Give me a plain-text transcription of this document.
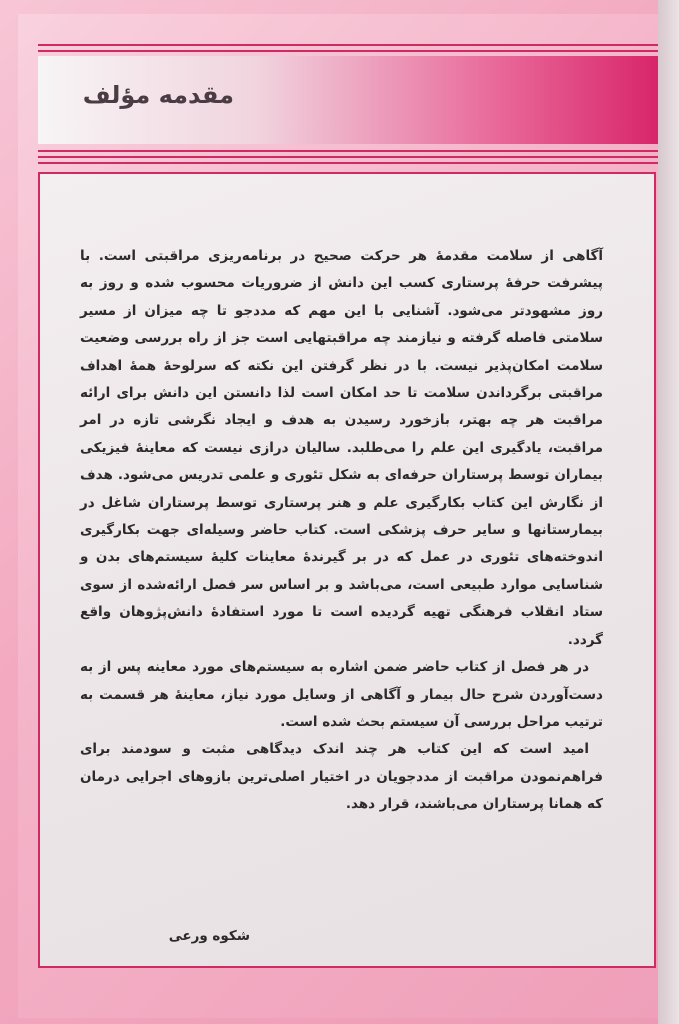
مقدمه مؤلف

آگاهی از سلامت مقدمهٔ هر حرکت صحیح در برنامه‌ریزی مراقبتی است. با پیشرفت حرفهٔ پرستاری کسب این دانش از ضروریات محسوب شده و روز به روز مشهودتر می‌شود. آشنایی با این مهم که مددجو تا چه میزان از مسیر سلامتی فاصله گرفته و نیازمند چه مراقبتهایی است جز از راه بررسی وضعیت سلامت امکان‌پذیر نیست. با در نظر گرفتن این نکته که سرلوحهٔ همهٔ اهداف مراقبتی برگرداندن سلامت تا حد امکان است لذا دانستن این دانش برای ارائه مراقبت هر چه بهتر، بازخورد رسیدن به هدف و ایجاد نگرشی تازه در امر مراقبت، یادگیری این علم را می‌طلبد. سالیان درازی نیست که معاینهٔ فیزیکی بیماران توسط پرستاران حرفه‌ای به شکل تئوری و علمی تدریس می‌شود. هدف از نگارش این کتاب بکارگیری علم و هنر پرستاری توسط پرستاران شاغل در بیمارستانها و سایر حرف پزشکی است. کتاب حاضر وسیله‌ای جهت بکارگیری اندوخته‌های تئوری در عمل که در بر گیرندهٔ معاینات کلیهٔ سیستم‌های بدن و شناسایی موارد طبیعی است، می‌باشد و بر اساس سر فصل ارائه‌شده از سوی ستاد انقلاب فرهنگی تهیه گردیده است تا مورد استفادهٔ دانش‌پژوهان واقع گردد.

در هر فصل از کتاب حاضر ضمن اشاره به سیستم‌های مورد معاینه پس از به دست‌آوردن شرح حال بیمار و آگاهی از وسایل مورد نیاز، معاینهٔ هر قسمت به ترتیب مراحل بررسی آن سیستم بحث شده است.

امید است که این کتاب هر چند اندک دیدگاهی مثبت و سودمند برای فراهم‌نمودن مراقبت از مددجویان در اختیار اصلی‌ترین بازوهای اجرایی درمان که همانا پرستاران می‌باشند، قرار دهد.

شکوه ورعی
